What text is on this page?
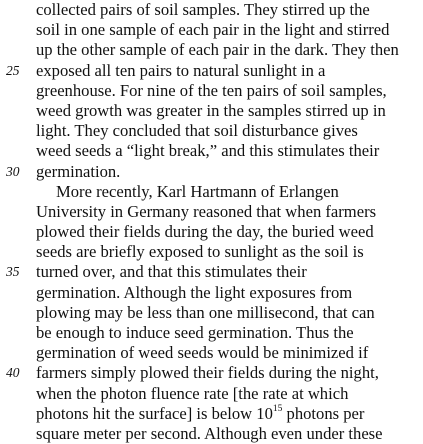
collected pairs of soil samples. They stirred up the
soil in one sample of each pair in the light and stirred
up the other sample of each pair in the dark. They then
25 exposed all ten pairs to natural sunlight in a
greenhouse. For nine of the ten pairs of soil samples,
weed growth was greater in the samples stirred up in
light. They concluded that soil disturbance gives
weed seeds a “light break,” and this stimulates their
30 germination.
More recently, Karl Hartmann of Erlangen
University in Germany reasoned that when farmers
plowed their fields during the day, the buried weed
seeds are briefly exposed to sunlight as the soil is
35 turned over, and that this stimulates their
germination. Although the light exposures from
plowing may be less than one millisecond, that can
be enough to induce seed germination. Thus the
germination of weed seeds would be minimized if
40 farmers simply plowed their fields during the night,
when the photon fluence rate [the rate at which
photons hit the surface] is below $10^{15}$ photons per
square meter per second. Although even under these
